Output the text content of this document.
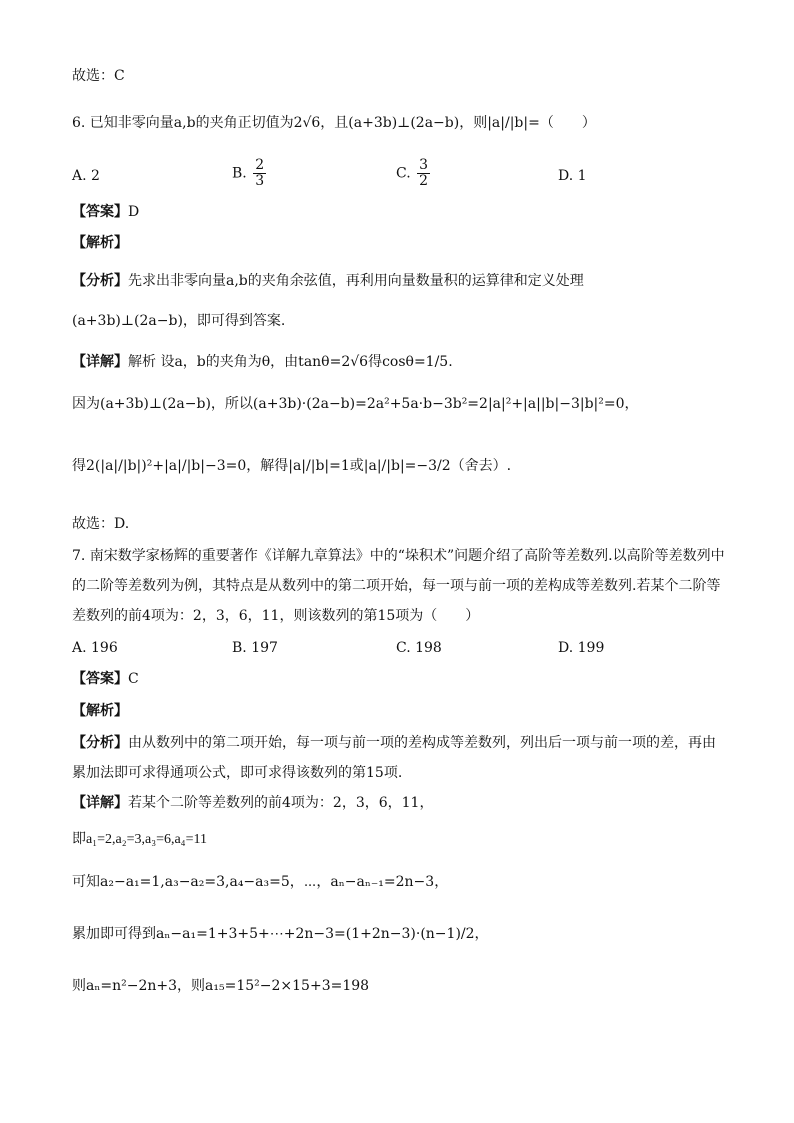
故选：C
6. 已知非零向量a,b的夹角正切值为2√6，且(a+3b)⊥(2a−b)，则|a|/|b|=（　　）
A. 2	B. $\frac{2}{3}$	C. $\frac{3}{2}$	D. 1
【答案】D
【解析】
【分析】先求出非零向量a,b的夹角余弦值，再利用向量数量积的运算律和定义处理
(a+3b)⊥(2a−b)，即可得到答案.
【详解】解析 设a，b的夹角为θ，由tanθ=2√6得cosθ=1/5.
因为(a+3b)⊥(2a−b)，所以(a+3b)·(2a−b)=2a²+5a·b−3b²=2|a|²+|a||b|−3|b|²=0，
得2(|a|/|b|)²+|a|/|b|−3=0，解得|a|/|b|=1或|a|/|b|=−3/2（舍去）.
故选：D.
7. 南宋数学家杨辉的重要著作《详解九章算法》中的“垛积术”问题介绍了高阶等差数列.以高阶等差数列中
的二阶等差数列为例，其特点是从数列中的第二项开始，每一项与前一项的差构成等差数列.若某个二阶等
差数列的前4项为：2，3，6，11，则该数列的第15项为（　　）
A. 196	B. 197	C. 198	D. 199
【答案】C
【解析】
【分析】由从数列中的第二项开始，每一项与前一项的差构成等差数列，列出后一项与前一项的差，再由
累加法即可求得通项公式，即可求得该数列的第15项.
【详解】若某个二阶等差数列的前4项为：2，3，6，11，
即a₁=2,a₂=3,a₃=6,a₄=11
可知a₂−a₁=1,a₃−a₂=3,a₄−a₃=5，⋯，aₙ−aₙ₋₁=2n−3，
累加即可得到aₙ−a₁=1+3+5+⋯+2n−3=(1+2n−3)·(n−1)/2，
则aₙ=n²−2n+3，则a₁₅=15²−2×15+3=198
